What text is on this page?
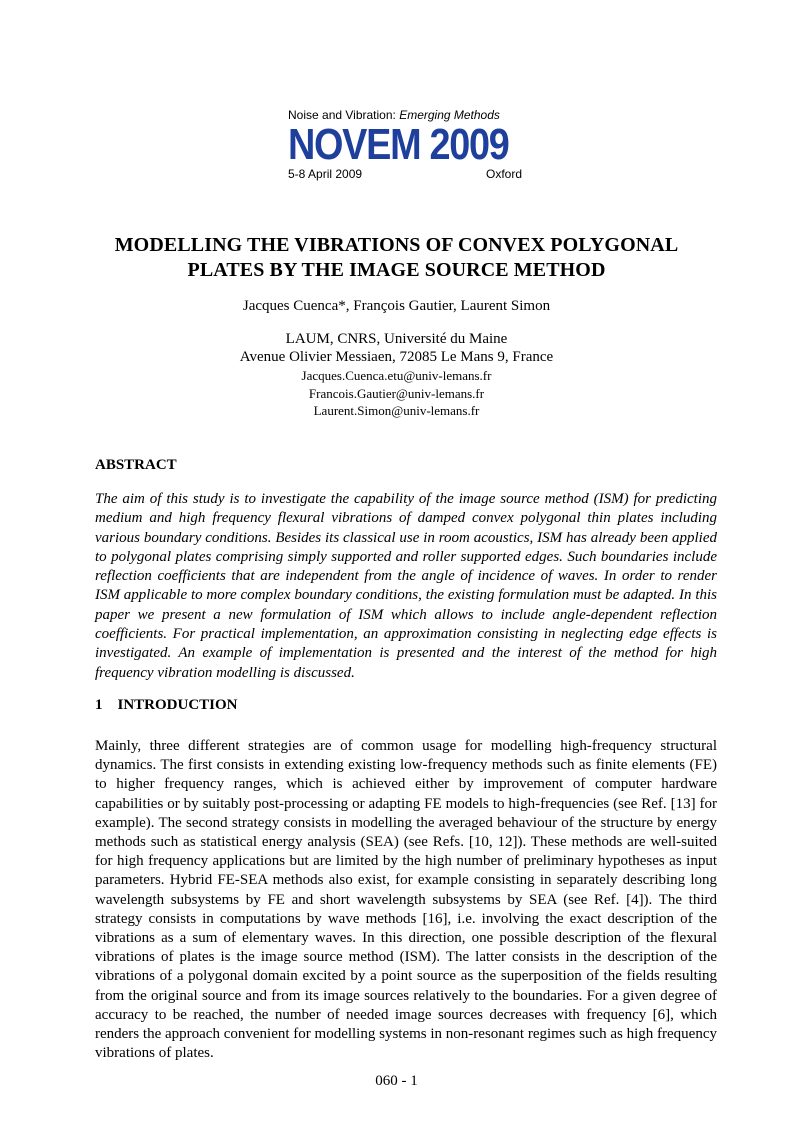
Noise and Vibration: Emerging Methods
NOVEM 2009
5-8 April 2009	Oxford
MODELLING THE VIBRATIONS OF CONVEX POLYGONAL
PLATES BY THE IMAGE SOURCE METHOD
Jacques Cuenca*, François Gautier, Laurent Simon
LAUM, CNRS, Université du Maine
Avenue Olivier Messiaen, 72085 Le Mans 9, France
Jacques.Cuenca.etu@univ-lemans.fr
Francois.Gautier@univ-lemans.fr
Laurent.Simon@univ-lemans.fr
ABSTRACT

The aim of this study is to investigate the capability of the image source method (ISM) for predicting medium and high frequency flexural vibrations of damped convex polygonal thin plates including various boundary conditions. Besides its classical use in room acoustics, ISM has already been applied to polygonal plates comprising simply supported and roller supported edges. Such boundaries include reflection coefficients that are independent from the angle of incidence of waves. In order to render ISM applicable to more complex boundary conditions, the existing formulation must be adapted. In this paper we present a new formulation of ISM which allows to include angle-dependent reflection coefficients. For practical implementation, an approximation consisting in neglecting edge effects is investigated. An example of implementation is presented and the interest of the method for high frequency vibration modelling is discussed.

1    INTRODUCTION

Mainly, three different strategies are of common usage for modelling high-frequency structural dynamics. The first consists in extending existing low-frequency methods such as finite elements (FE) to higher frequency ranges, which is achieved either by improvement of computer hardware capabilities or by suitably post-processing or adapting FE models to high-frequencies (see Ref. [13] for example). The second strategy consists in modelling the averaged behaviour of the structure by energy methods such as statistical energy analysis (SEA) (see Refs. [10, 12]). These methods are well-suited for high frequency applications but are limited by the high number of preliminary hypotheses as input parameters. Hybrid FE-SEA methods also exist, for example consisting in separately describing long wavelength subsystems by FE and short wavelength subsystems by SEA (see Ref. [4]). The third strategy consists in computations by wave methods [16], i.e. involving the exact description of the vibrations as a sum of elementary waves. In this direction, one possible description of the flexural vibrations of plates is the image source method (ISM). The latter consists in the description of the vibrations of a polygonal domain excited by a point source as the superposition of the fields resulting from the original source and from its image sources relatively to the boundaries. For a given degree of accuracy to be reached, the number of needed image sources decreases with frequency [6], which renders the approach convenient for modelling systems in non-resonant regimes such as high frequency vibrations of plates.

060 - 1
